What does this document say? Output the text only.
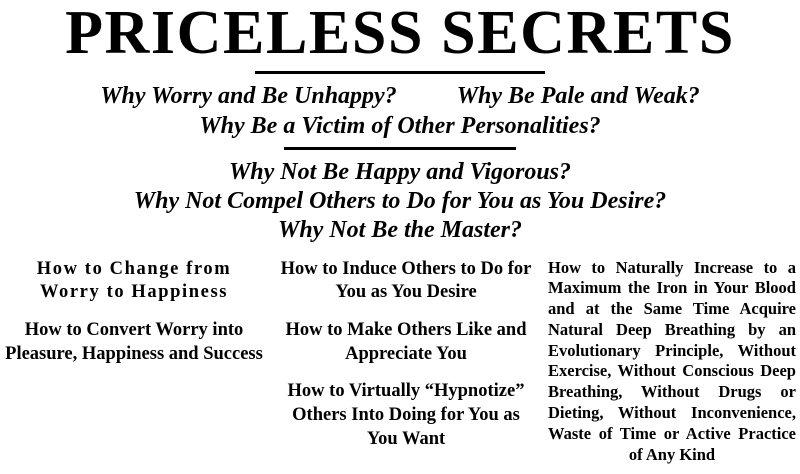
PRICELESS SECRETS
Why Worry and Be Unhappy?	Why Be Pale and Weak?
Why Be a Victim of Other Personalities?
Why Not Be Happy and Vigorous?
Why Not Compel Others to Do for You as You Desire?
Why Not Be the Master?
How to Change from Worry to Happiness
How to Convert Worry into Pleasure, Happiness and Success
How to Induce Others to Do for You as You Desire
How to Make Others Like and Appreciate You
How to Virtually “Hypnotize” Others Into Doing for You as You Want
How to Naturally Increase to a Maximum the Iron in Your Blood and at the Same Time Acquire Natural Deep Breathing by an Evolutionary Principle, Without Exercise, Without Conscious Deep Breathing, Without Drugs or Dieting, Without Inconvenience, Waste of Time or Active Practice of Any Kind
